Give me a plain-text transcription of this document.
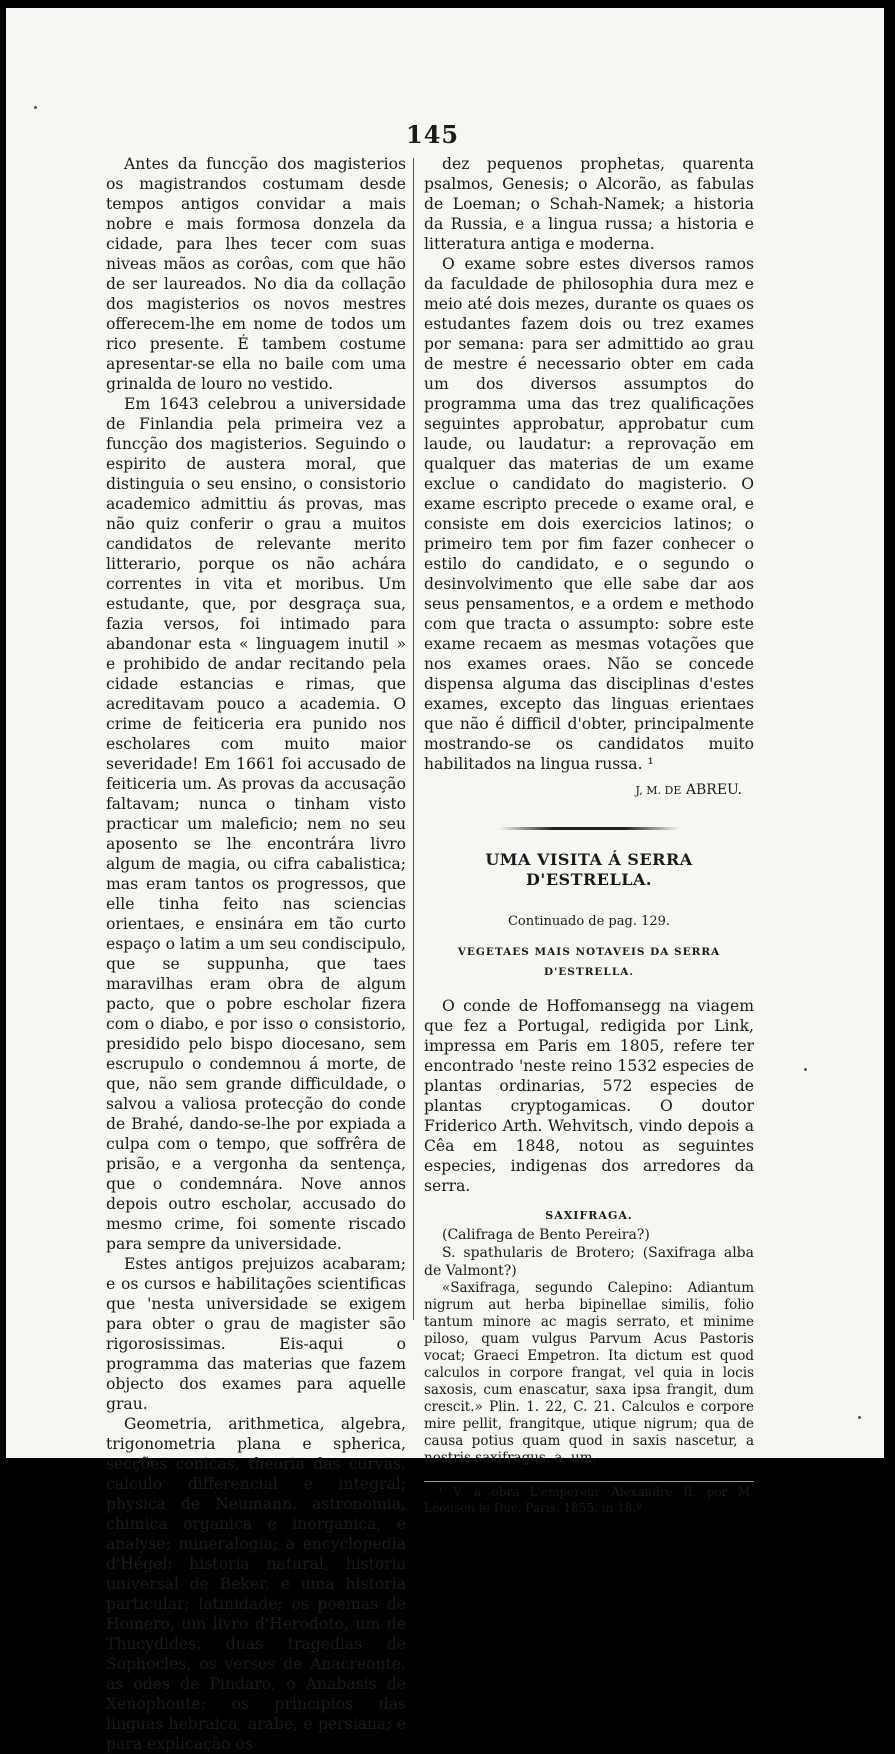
145

Antes da funcção dos magisterios os magistrandos costumam desde tempos antigos convidar a mais nobre e mais formosa donzela da cidade, para lhes tecer com suas niveas mãos as corôas, com que hão de ser laureados. No dia da collação dos magisterios os novos mestres offerecem-lhe em nome de todos um rico presente. É tambem costume apresentar-se ella no baile com uma grinalda de louro no vestido.

Em 1643 celebrou a universidade de Finlandia pela primeira vez a funcção dos magisterios. Seguindo o espirito de austera moral, que distinguia o seu ensino, o consistorio academico admittiu ás provas, mas não quiz conferir o grau a muitos candidatos de relevante merito litterario, porque os não achára correntes in vita et moribus. Um estudante, que, por desgraça sua, fazia versos, foi intimado para abandonar esta « linguagem inutil » e prohibido de andar recitando pela cidade estancias e rimas, que acreditavam pouco a academia. O crime de feiticeria era punido nos escholares com muito maior severidade! Em 1661 foi accusado de feiticeria um. As provas da accusação faltavam; nunca o tinham visto practicar um maleficio; nem no seu aposento se lhe encontrára livro algum de magia, ou cifra cabalistica; mas eram tantos os progressos, que elle tinha feito nas sciencias orientaes, e ensinára em tão curto espaço o latim a um seu condiscipulo, que se suppunha, que taes maravilhas eram obra de algum pacto, que o pobre escholar fizera com o diabo, e por isso o consistorio, presidido pelo bispo diocesano, sem escrupulo o condemnou á morte, de que, não sem grande difficuldade, o salvou a valiosa protecção do conde de Brahé, dando-se-lhe por expiada a culpa com o tempo, que soffrêra de prisão, e a vergonha da sentença, que o condemnára. Nove annos depois outro escholar, accusado do mesmo crime, foi somente riscado para sempre da universidade.

Estes antigos prejuizos acabaram; e os cursos e habilitações scientificas que 'nesta universidade se exigem para obter o grau de magister são rigorosissimas. Eis-aqui o programma das materias que fazem objecto dos exames para aquelle grau.

Geometria, arithmetica, algebra, trigonometria plana e spherica, secções conicas, theoria das curvas, calculo differencial e integral; physica de Neumann, astronomia, chimica organica e inorganica, e analyse; mineralogia; a encyclopedia d'Hégel; historia natural, historia universal de Beker, e uma historia particular; latinidade; os poemas de Homero, um livro d'Herodoto, um de Thucydides, duas tragedias de Sophocles, os versos de Anacreonte, as odes de Pindaro, o Anabasis de Xenophonte; os principios das linguas hebraica, arabe, e persiana; e para explicação os

dez pequenos prophetas, quarenta psalmos, Genesis; o Alcorão, as fabulas de Loeman; o Schah-Namek; a historia da Russia, e a lingua russa; a historia e litteratura antiga e moderna.

O exame sobre estes diversos ramos da faculdade de philosophia dura mez e meio até dois mezes, durante os quaes os estudantes fazem dois ou trez exames por semana: para ser admittido ao grau de mestre é necessario obter em cada um dos diversos assumptos do programma uma das trez qualificações seguintes approbatur, approbatur cum laude, ou laudatur: a reprovação em qualquer das materias de um exame exclue o candidato do magisterio. O exame escripto precede o exame oral, e consiste em dois exercicios latinos; o primeiro tem por fim fazer conhecer o estilo do candidato, e o segundo o desinvolvimento que elle sabe dar aos seus pensamentos, e a ordem e methodo com que tracta o assumpto: sobre este exame recaem as mesmas votações que nos exames oraes. Não se concede dispensa alguma das disciplinas d'estes exames, excepto das linguas erientaes que não é difficil d'obter, principalmente mostrando-se os candidatos muito habilitados na lingua russa. ¹

J, M. DE ABREU.
UMA VISITA Á SERRA D'ESTRELLA.
Continuado de pag. 129.
VEGETAES MAIS NOTAVEIS DA SERRA D'ESTRELLA.

O conde de Hoffomansegg na viagem que fez a Portugal, redigida por Link, impressa em Paris em 1805, refere ter encontrado 'neste reino 1532 especies de plantas ordinarias, 572 especies de plantas cryptogamicas. O doutor Friderico Arth. Wehvitsch, vindo depois a Cêa em 1848, notou as seguintes especies, indigenas dos arredores da serra.

SAXIFRAGA.

(Califraga de Bento Pereira?)

S. spathularis de Brotero; (Saxifraga alba de Valmont?)

«Saxifraga, segundo Calepino: Adiantum nigrum aut herba bipinellae similis, folio tantum minore ac magis serrato, et minime piloso, quam vulgus Parvum Acus Pastoris vocat; Graeci Empetron. Ita dictum est quod calculos in corpore frangat, vel quia in locis saxosis, cum enascatur, saxa ipsa frangit, dum crescit.» Plin. 1. 22, C. 21. Calculos e corpore mire pellit, frangitque, utique nigrum; qua de causa potius quam quod in saxis nascetur, a nostris saxifragus, a, um.

¹ V. a obra L'empereur Alexandre II, por M. Léouson le Duc. Paris, 1855, in 18.º
